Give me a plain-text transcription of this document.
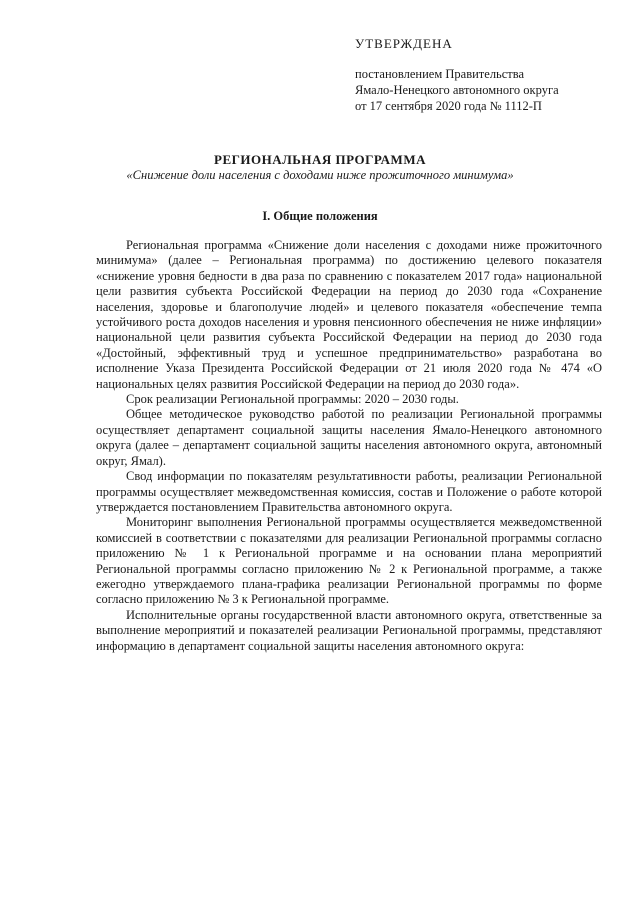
УТВЕРЖДЕНА
постановлением Правительства
Ямало-Ненецкого автономного округа
от 17 сентября 2020 года № 1112-П
РЕГИОНАЛЬНАЯ ПРОГРАММА
«Снижение доли населения с доходами ниже прожиточного минимума»
I. Общие положения

Региональная программа «Снижение доли населения с доходами ниже прожиточного минимума» (далее – Региональная программа) по достижению целевого показателя «снижение уровня бедности в два раза по сравнению с показателем 2017 года» национальной цели развития субъекта Российской Федерации на период до 2030 года «Сохранение населения, здоровье и благополучие людей» и целевого показателя «обеспечение темпа устойчивого роста доходов населения и уровня пенсионного обеспечения не ниже инфляции» национальной цели развития субъекта Российской Федерации на период до 2030 года «Достойный, эффективный труд и успешное предпринимательство» разработана во исполнение Указа Президента Российской Федерации от 21 июля 2020 года № 474 «О национальных целях развития Российской Федерации на период до 2030 года».

Срок реализации Региональной программы: 2020 – 2030 годы.

Общее методическое руководство работой по реализации Региональной программы осуществляет департамент социальной защиты населения Ямало-Ненецкого автономного округа (далее – департамент социальной защиты населения автономного округа, автономный округ, Ямал).

Свод информации по показателям результативности работы, реализации Региональной программы осуществляет межведомственная комиссия, состав и Положение о работе которой утверждается постановлением Правительства автономного округа.

Мониторинг выполнения Региональной программы осуществляется межведомственной комиссией в соответствии с показателями для реализации Региональной программы согласно приложению № 1 к Региональной программе и на основании плана мероприятий Региональной программы согласно приложению № 2 к Региональной программе, а также ежегодно утверждаемого плана-графика реализации Региональной программы по форме согласно приложению № 3 к Региональной программе.

Исполнительные органы государственной власти автономного округа, ответственные за выполнение мероприятий и показателей реализации Региональной программы, представляют информацию в департамент социальной защиты населения автономного округа:
